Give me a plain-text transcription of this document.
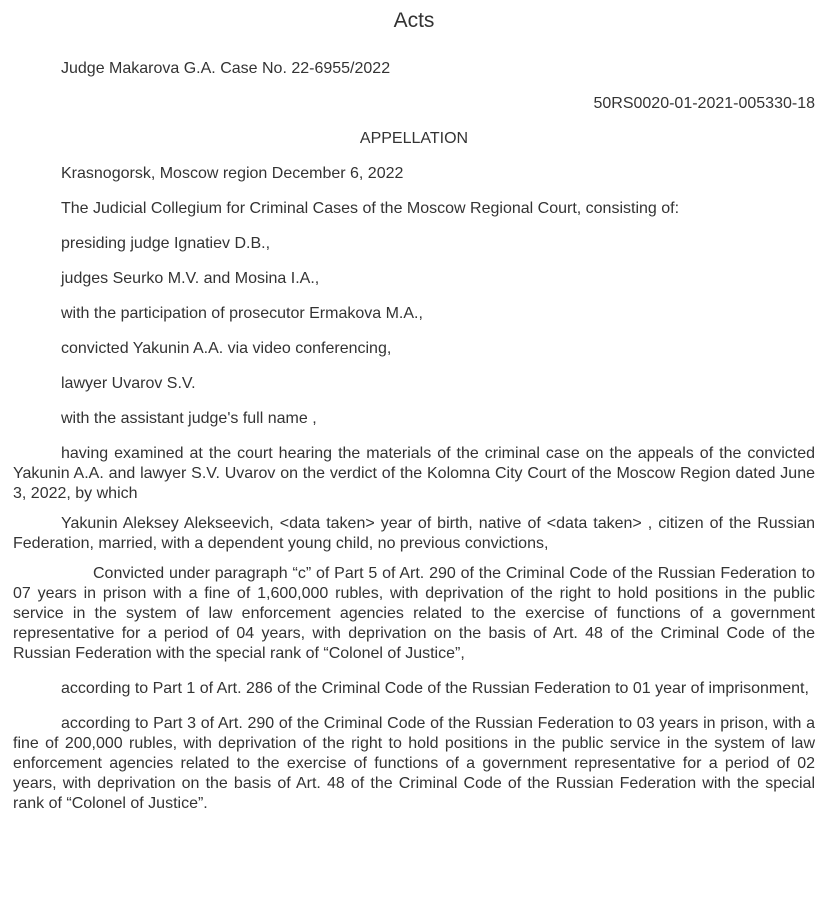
Acts

Judge Makarova G.A. Case No. 22-6955/2022

50RS0020-01-2021-005330-18

APPELLATION

Krasnogorsk, Moscow region December 6, 2022

The Judicial Collegium for Criminal Cases of the Moscow Regional Court, consisting of:

presiding judge Ignatiev D.B.,

judges Seurko M.V. and Mosina I.A.,

with the participation of prosecutor Ermakova M.A.,

convicted Yakunin A.A. via video conferencing,

lawyer Uvarov S.V.

with the assistant judge's full name ,

having examined at the court hearing the materials of the criminal case on the appeals of the convicted Yakunin A.A. and lawyer S.V. Uvarov on the verdict of the Kolomna City Court of the Moscow Region dated June 3, 2022, by which

Yakunin Aleksey Alekseevich, <data taken> year of birth, native of <data taken> , citizen of the Russian Federation, married, with a dependent young child, no previous convictions,

Convicted under paragraph “c” of Part 5 of Art. 290 of the Criminal Code of the Russian Federation to 07 years in prison with a fine of 1,600,000 rubles, with deprivation of the right to hold positions in the public service in the system of law enforcement agencies related to the exercise of functions of a government representative for a period of 04 years, with deprivation on the basis of Art. 48 of the Criminal Code of the Russian Federation with the special rank of “Colonel of Justice”,

according to Part 1 of Art. 286 of the Criminal Code of the Russian Federation to 01 year of imprisonment,

according to Part 3 of Art. 290 of the Criminal Code of the Russian Federation to 03 years in prison, with a fine of 200,000 rubles, with deprivation of the right to hold positions in the public service in the system of law enforcement agencies related to the exercise of functions of a government representative for a period of 02 years, with deprivation on the basis of Art. 48 of the Criminal Code of the Russian Federation with the special rank of “Colonel of Justice”.
